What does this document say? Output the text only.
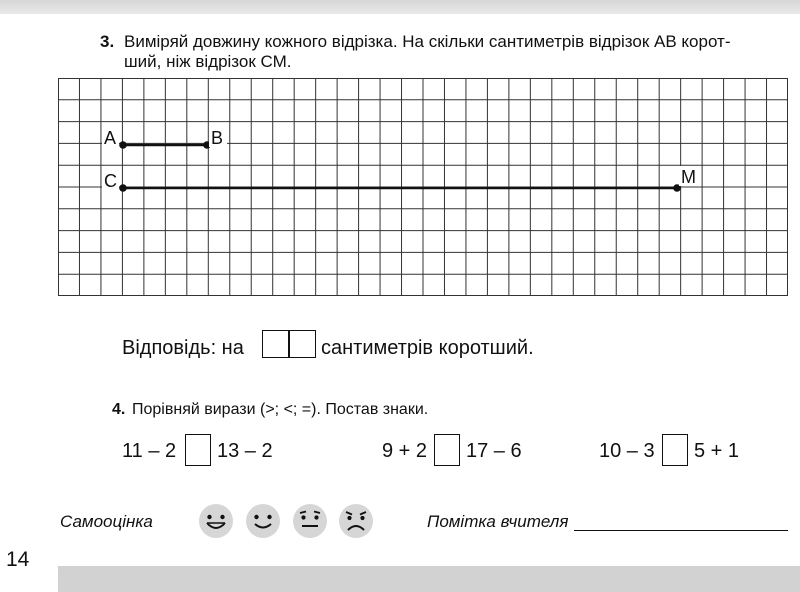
3. Виміряй довжину кожного відрізка. На скільки сантиметрів відрізок АВ корот-
ший, ніж відрізок СМ.
А	В
С	М
Відповідь: на	сантиметрів коротший.
4. Порівняй вирази (>; <; =). Постав знаки.
11 – 2 13 – 2	9 + 2 17 – 6	10 – 3 5 + 1
Самооцінка	Помітка вчителя
14
